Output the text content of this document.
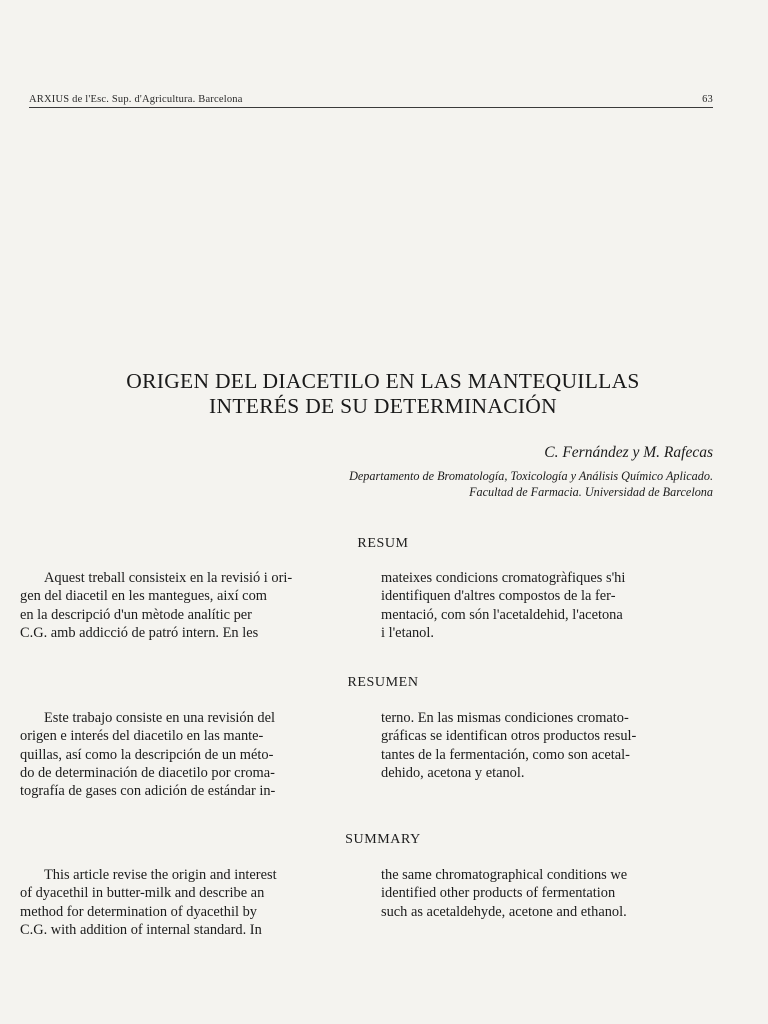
ARXIUS de l'Esc. Sup. d'Agricultura. Barcelona	63
ORIGEN DEL DIACETILO EN LAS MANTEQUILLAS
INTERÉS DE SU DETERMINACIÓN
C. Fernández y M. Rafecas
Departamento de Bromatología, Toxicología y Análisis Químico Aplicado.
Facultad de Farmacia. Universidad de Barcelona
RESUM
Aquest treball consisteix en la revisió i ori-
gen del diacetil en les mantegues, així com
en la descripció d'un mètode analític per
C.G. amb addicció de patró intern. En les
mateixes condicions cromatogràfiques s'hi
identifiquen d'altres compostos de la fer-
mentació, com són l'acetaldehid, l'acetona
i l'etanol.
RESUMEN
Este trabajo consiste en una revisión del
origen e interés del diacetilo en las mante-
quillas, así como la descripción de un méto-
do de determinación de diacetilo por croma-
tografía de gases con adición de estándar in-
terno. En las mismas condiciones cromato-
gráficas se identifican otros productos resul-
tantes de la fermentación, como son acetal-
dehido, acetona y etanol.
SUMMARY
This article revise the origin and interest
of dyacethil in butter-milk and describe an
method for determination of dyacethil by
C.G. with addition of internal standard. In
the same chromatographical conditions we
identified other products of fermentation
such as acetaldehyde, acetone and ethanol.
